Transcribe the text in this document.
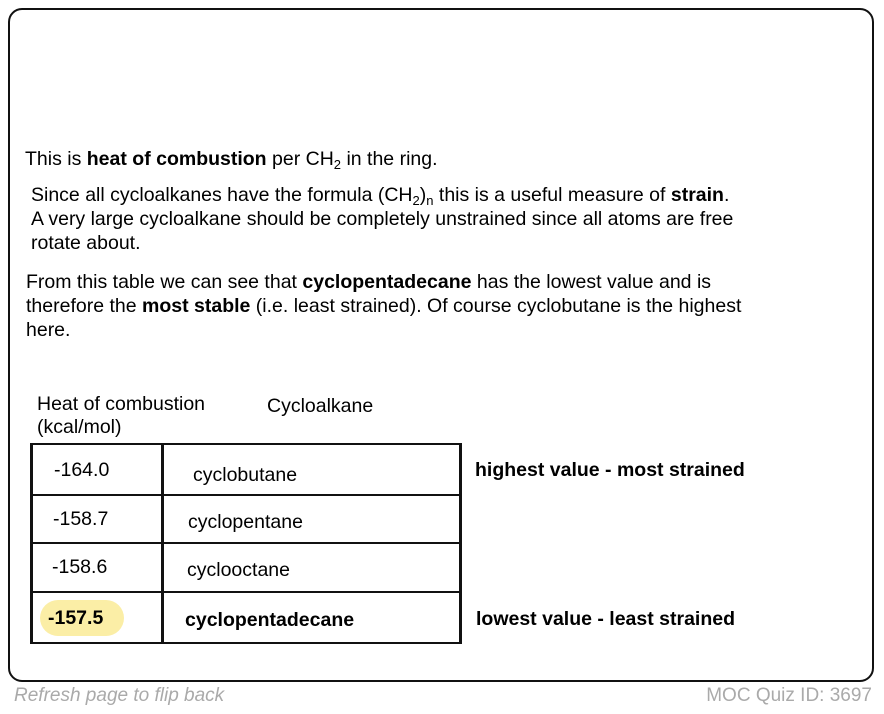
This is heat of combustion per $CH_2$ in the ring.
Since all cycloalkanes have the formula $(CH_2)_n$ this is a useful measure of strain.
A very large cycloalkane should be completely unstrained since all atoms are free
rotate about.
From this table we can see that cyclopentadecane has the lowest value and is
therefore the most stable (i.e. least strained). Of course cyclobutane is the highest
here.
Heat of combustion
(kcal/mol)
Cycloalkane
-164.0	cyclobutane	highest value - most strained
-158.7	cyclopentane
-158.6	cyclooctane
-157.5	cyclopentadecane	lowest value - least strained
Refresh page to flip back	MOC Quiz ID: 3697
